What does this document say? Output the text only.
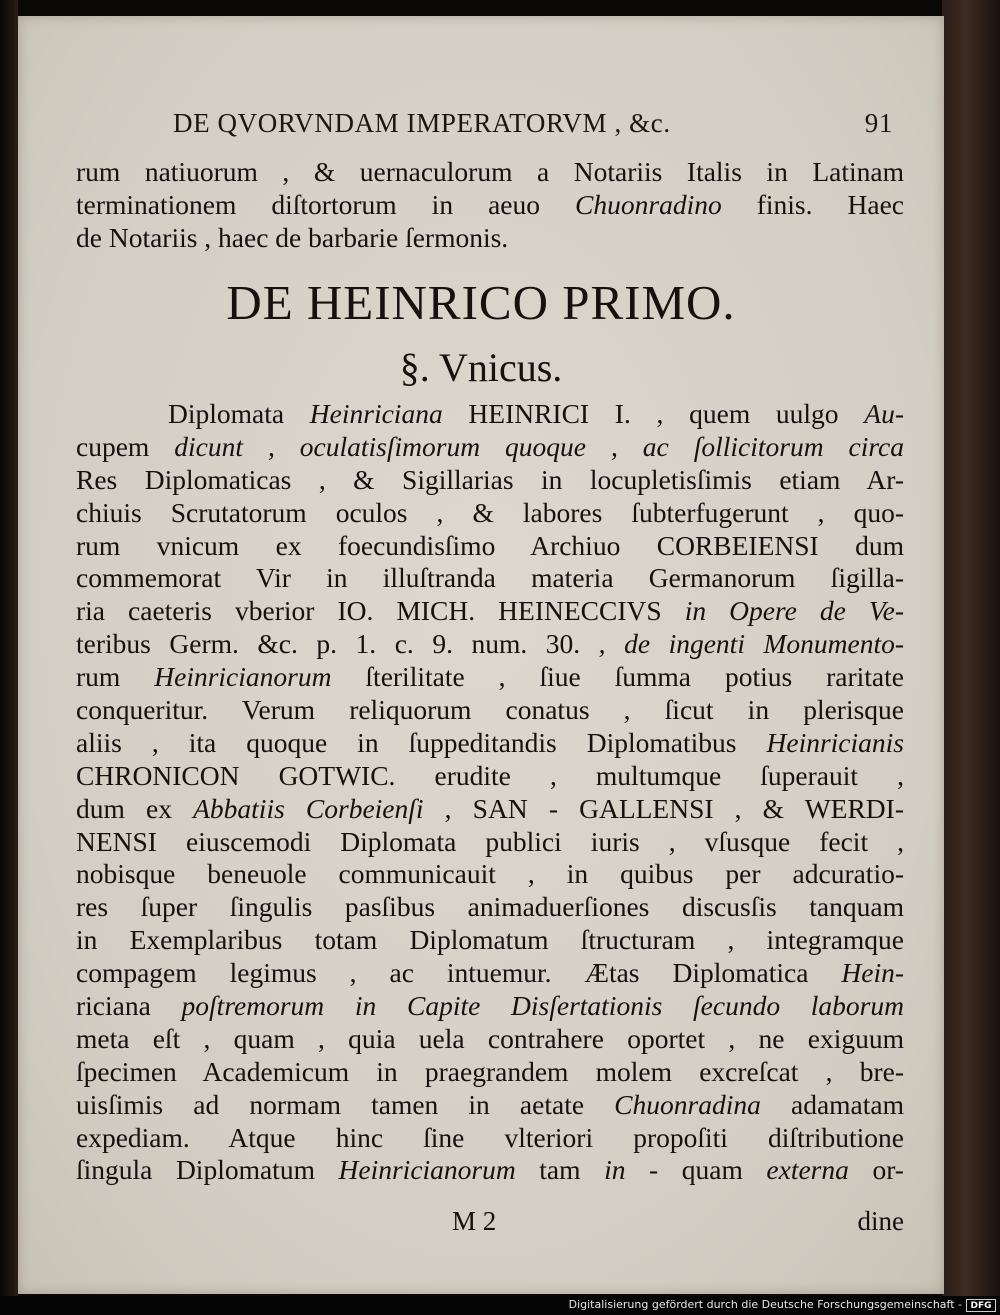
DE QVORVNDAM IMPERATORVM , &c.	91
rum natiuorum , & uernaculorum a Notariis Italis in Latinam
terminationem diſtortorum in aeuo Chuonradino finis. Haec
de Notariis , haec de barbarie ſermonis.
DE HEINRICO PRIMO.
§. Vnicus.
Diplomata Heinriciana HEINRICI I. , quem uulgo Au-
cupem dicunt , oculatisſimorum quoque , ac ſollicitorum circa
Res Diplomaticas , & Sigillarias in locupletisſimis etiam Ar-
chiuis Scrutatorum oculos , & labores ſubterfugerunt , quo-
rum vnicum ex foecundisſimo Archiuo CORBEIENSI dum
commemorat Vir in illuſtranda materia Germanorum ſigilla-
ria caeteris vberior IO. MICH. HEINECCIVS in Opere de Ve-
teribus Germ. &c. p. 1. c. 9. num. 30. , de ingenti Monumento-
rum Heinricianorum ſterilitate , ſiue ſumma potius raritate
conqueritur. Verum reliquorum conatus , ſicut in plerisque
aliis , ita quoque in ſuppeditandis Diplomatibus Heinricianis
CHRONICON GOTWIC. erudite , multumque ſuperauit ,
dum ex Abbatiis Corbeienſi , SAN - GALLENSI , & WERDI-
NENSI eiuscemodi Diplomata publici iuris , vſusque fecit ,
nobisque beneuole communicauit , in quibus per adcuratio-
res ſuper ſingulis pasſibus animaduerſiones discusſis tanquam
in Exemplaribus totam Diplomatum ſtructuram , integramque
compagem legimus , ac intuemur. Ætas Diplomatica Hein-
riciana poſtremorum in Capite Disſertationis ſecundo laborum
meta eſt , quam , quia uela contrahere oportet , ne exiguum
ſpecimen Academicum in praegrandem molem excreſcat , bre-
uisſimis ad normam tamen in aetate Chuonradina adamatam
expediam. Atque hinc ſine vlteriori propoſiti diſtributione
ſingula Diplomatum Heinricianorum tam in - quam externa or-
M 2	dine
Digitalisierung gefördert durch die Deutsche Forschungsgemeinschaft - DFG
